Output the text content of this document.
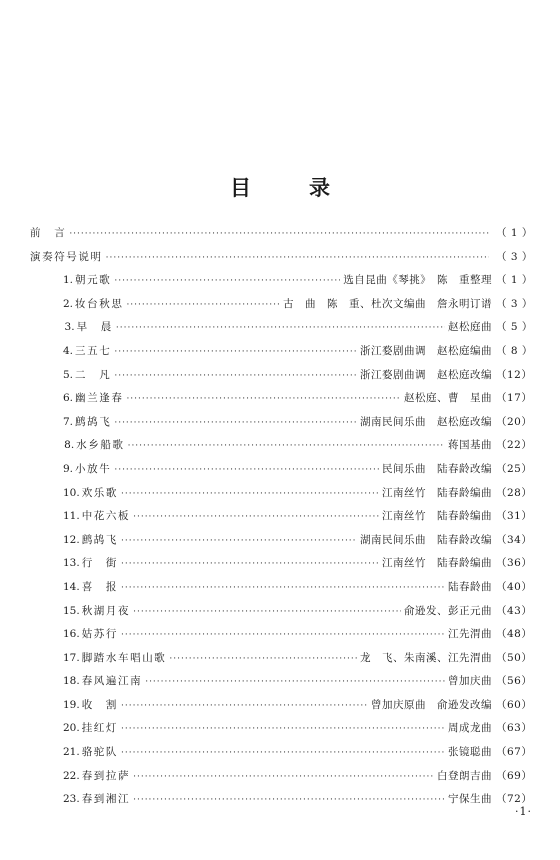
目	录
前　言 ·····	（ 1 ）
演奏符号说明 ·····	（ 3 ）
1. 朝元歌 ·····	选自昆曲《琴挑》　陈　重整理 （ 1 ）
2. 妆台秋思 ·····	古　曲　陈　重、杜次文编曲　詹永明订谱 （ 3 ）
3. 早　晨 ·····	赵松庭曲 （ 5 ）
4. 三五七 ·····	浙江婺剧曲调　赵松庭编曲 （ 8 ）
5. 二　凡 ·····	浙江婺剧曲调　赵松庭改编 （12）
6. 幽兰逢春 ·····	赵松庭、曹　星曲 （17）
7. 鹧鸪飞 ·····	湖南民间乐曲　赵松庭改编 （20）
8. 水乡船歌 ·····	蒋国基曲 （22）
9. 小放牛 ·····	民间乐曲　陆春龄改编 （25）
10. 欢乐歌 ·····	江南丝竹　陆春龄编曲 （28）
11. 中花六板 ·····	江南丝竹　陆春龄编曲 （31）
12. 鹧鸪飞 ·····	湖南民间乐曲　陆春龄改编 （34）
13. 行　街 ·····	江南丝竹　陆春龄编曲 （36）
14. 喜　报 ·····	陆春龄曲 （40）
15. 秋湖月夜 ·····	俞逊发、彭正元曲 （43）
16. 姑苏行 ·····	江先渭曲 （48）
17. 脚踏水车唱山歌 ·····	龙　飞、朱南溪、江先渭曲 （50）
18. 春风遍江南 ·····	曾加庆曲 （56）
19. 收　割 ·····	曾加庆原曲　俞逊发改编 （60）
20. 挂红灯 ·····	周成龙曲 （63）
21. 骆驼队 ·····	张镜聪曲 （67）
22. 春到拉萨 ·····	白登朗吉曲 （69）
23. 春到湘江 ·····	宁保生曲 （72）
·1·
